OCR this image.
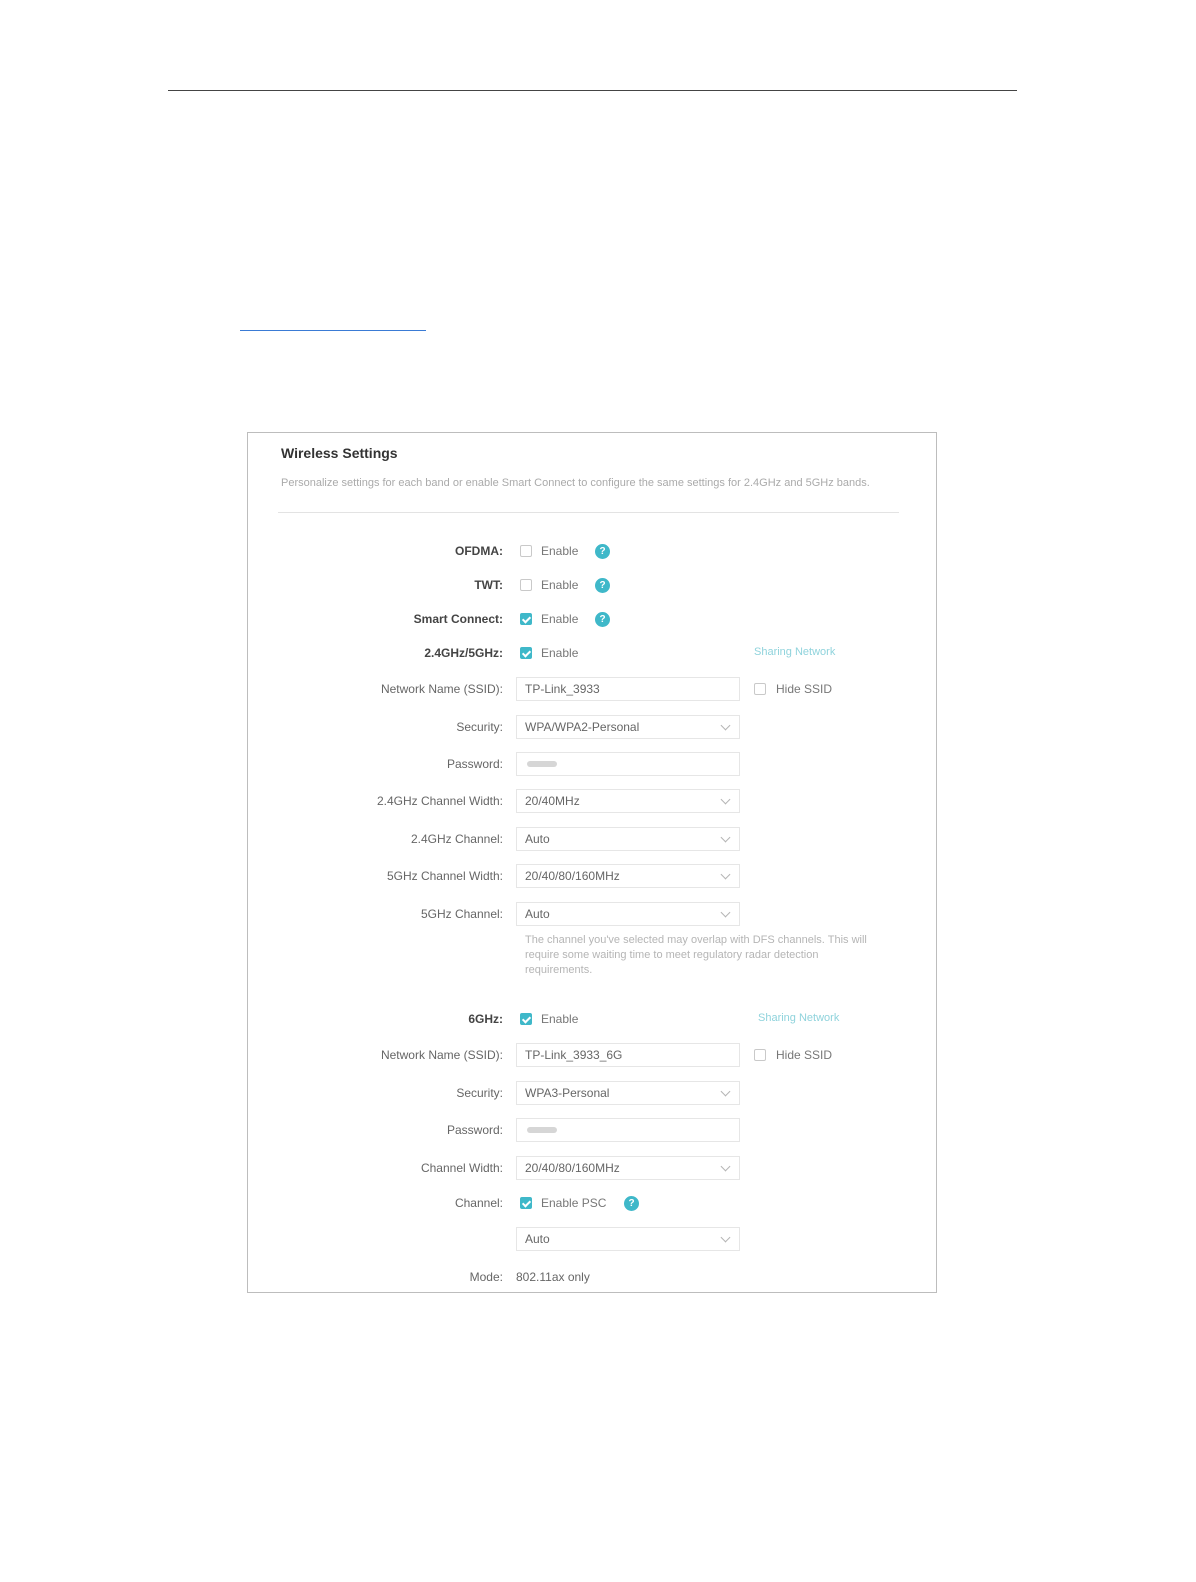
Wireless Settings
Personalize settings for each band or enable Smart Connect to configure the same settings for 2.4GHz and 5GHz bands.
OFDMA:	Enable	?
TWT:	Enable	?
Smart Connect:	Enable	?
2.4GHz/5GHz:	Enable	Sharing Network
Network Name (SSID):	TP-Link_3933	Hide SSID
Security:	WPA/WPA2-Personal
Password:
2.4GHz Channel Width:	20/40MHz
2.4GHz Channel:	Auto
5GHz Channel Width:	20/40/80/160MHz
5GHz Channel:	Auto
The channel you've selected may overlap with DFS channels. This will require some waiting time to meet regulatory radar detection requirements.
6GHz:	Enable	Sharing Network
Network Name (SSID):	TP-Link_3933_6G	Hide SSID
Security:	WPA3-Personal
Password:
Channel Width:	20/40/80/160MHz
Channel:	Enable PSC	?
Auto
Mode: 802.11ax only
